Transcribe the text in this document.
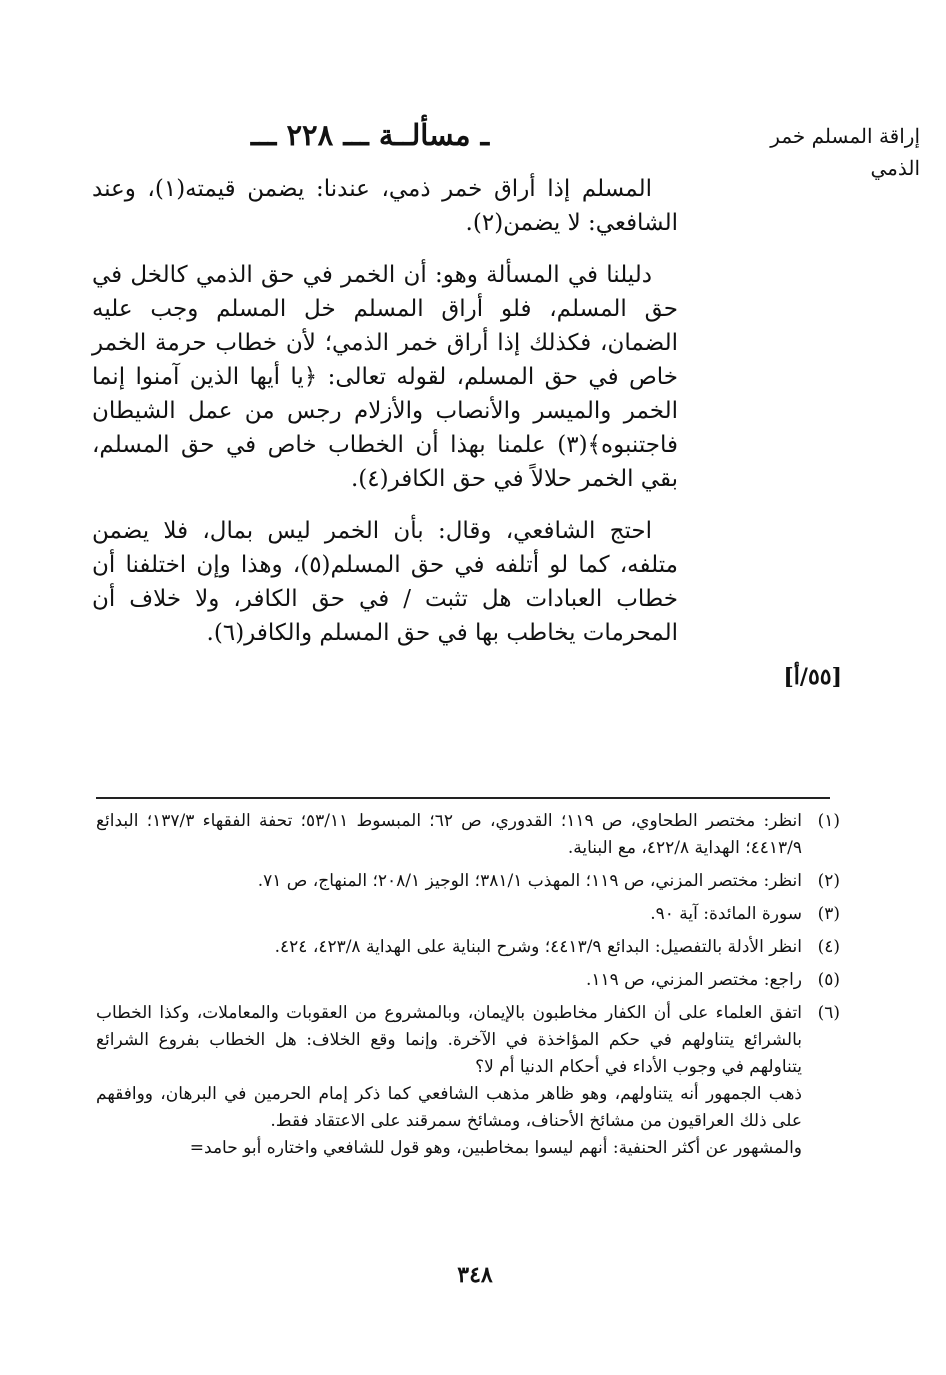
ـ مسألــة ـــ ٢٢٨ ـــ	إراقة المسلم خمر الذمي
[٥٥/أ]

المسلم إذا أراق خمر ذمي، عندنا: يضمن قيمته(١)، وعند الشافعي: لا يضمن(٢).

دليلنا في المسألة وهو: أن الخمر في حق الذمي كالخل في حق المسلم، فلو أراق المسلم خل المسلم وجب عليه الضمان، فكذلك إذا أراق خمر الذمي؛ لأن خطاب حرمة الخمر خاص في حق المسلم، لقوله تعالى: ﴿يا أيها الذين آمنوا إنما الخمر والميسر والأنصاب والأزلام رجس من عمل الشيطان فاجتنبوه﴾(٣) علمنا بهذا أن الخطاب خاص في حق المسلم، بقي الخمر حلالاً في حق الكافر(٤).

احتج الشافعي، وقال: بأن الخمر ليس بمال، فلا يضمن متلفه، كما لو أتلفه في حق المسلم(٥)، وهذا وإن اختلفنا أن خطاب العبادات هل تثبت / في حق الكافر، ولا خلاف أن المحرمات يخاطب بها في حق المسلم والكافر(٦).

(١)
انظر: مختصر الطحاوي، ص ١١٩؛ القدوري، ص ٦٢؛ المبسوط ٥٣/١١؛ تحفة الفقهاء ١٣٧/٣؛ البدائع ٤٤١٣/٩؛ الهداية ٤٢٢/٨، مع البناية.
(٢)
انظر: مختصر المزني، ص ١١٩؛ المهذب ٣٨١/١؛ الوجيز ٢٠٨/١؛ المنهاج، ص ٧١.
(٣)
سورة المائدة: آية ٩٠.
(٤)
انظر الأدلة بالتفصيل: البدائع ٤٤١٣/٩؛ وشرح البناية على الهداية ٤٢٣/٨، ٤٢٤.
(٥)
راجع: مختصر المزني، ص ١١٩.
(٦)
اتفق العلماء على أن الكفار مخاطبون بالإيمان، وبالمشروع من العقوبات والمعاملات، وكذا الخطاب بالشرائع يتناولهم في حكم المؤاخذة في الآخرة. وإنما وقع الخلاف: هل الخطاب بفروع الشرائع يتناولهم في وجوب الأداء في أحكام الدنيا أم لا؟
ذهب الجمهور أنه يتناولهم، وهو ظاهر مذهب الشافعي كما ذكر إمام الحرمين في البرهان، ووافقهم على ذلك العراقيون من مشائخ الأحناف، ومشائخ سمرقند على الاعتقاد فقط.
والمشهور عن أكثر الحنفية: أنهم ليسوا بمخاطبين، وهو قول للشافعي واختاره أبو حامد=
٣٤٨
